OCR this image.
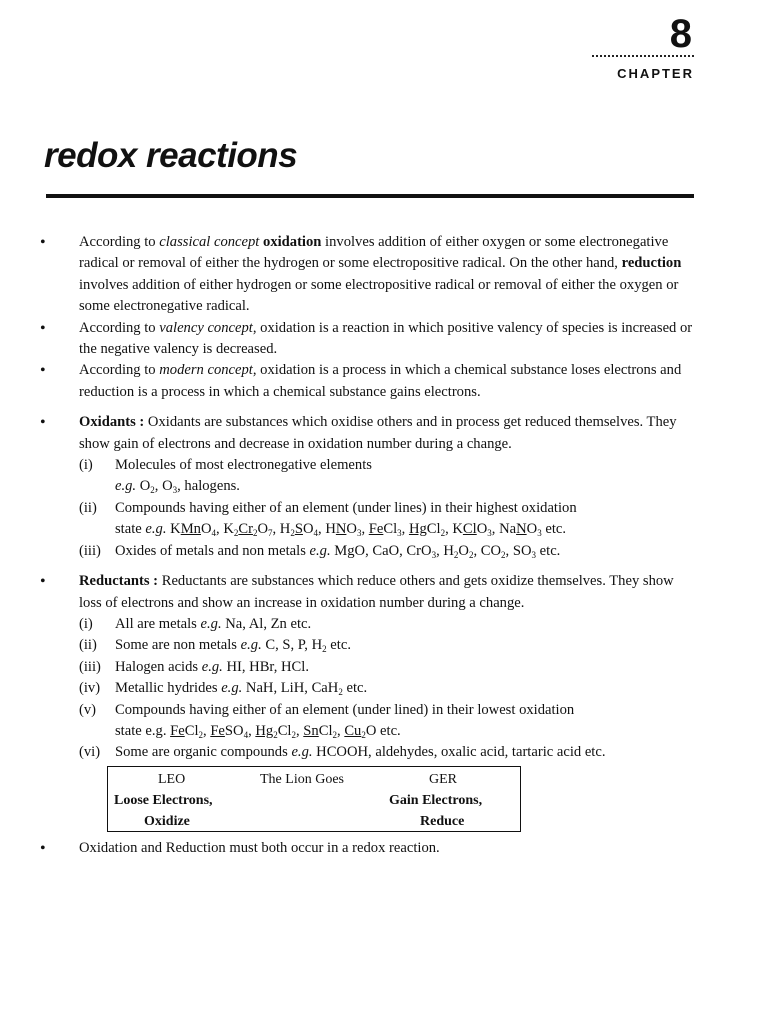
8
CHAPTER
redox reactions
• According to classical concept oxidation involves addition of either oxygen or some electronegative radical or removal of either the hydrogen or some electropositive radical. On the other hand, reduction involves addition of either hydrogen or some electropositive radical or removal of either the oxygen or some electronegative radical.
• According to valency concept, oxidation is a reaction in which positive valency of species is increased or the negative valency is decreased.
• According to modern concept, oxidation is a process in which a chemical substance loses electrons and reduction is a process in which a chemical substance gains electrons.
• Oxidants : Oxidants are substances which oxidise others and in process get reduced themselves. They show gain of electrons and decrease in oxidation number during a change.
(i) Molecules of most electronegative elements
e.g. $O_2$, $O_3$, halogens.
(ii) Compounds having either of an element (under lines) in their highest oxidation
state e.g. KMnO$_4$, $K_2Cr_2O_7$, $H_2SO_4$, $HNO_3$, FeCl$_3$, HgCl$_2$, KClO$_3$, NaNO$_3$ etc.
(iii) Oxides of metals and non metals e.g. MgO, CaO, CrO$_3$, $H_2O_2$, $CO_2$, $SO_3$ etc.
• Reductants : Reductants are substances which reduce others and gets oxidize themselves. They show loss of electrons and show an increase in oxidation number during a change.
(i) All are metals e.g. Na, Al, Zn etc.
(ii) Some are non metals e.g. C, S, P, $H_2$ etc.
(iii) Halogen acids e.g. HI, HBr, HCl.
(iv) Metallic hydrides e.g. NaH, LiH, CaH$_2$ etc.
(v) Compounds having either of an element (under lined) in their lowest oxidation
state e.g. FeCl$_2$, FeSO$_4$, $Hg_2Cl_2$, SnCl$_2$, $Cu_2O$ etc.
(vi) Some are organic compounds e.g. HCOOH, aldehydes, oxalic acid, tartaric acid etc.
LEO	The Lion Goes	GER
Loose Electrons,
Oxidize
Gain Electrons,
Reduce
• Oxidation and Reduction must both occur in a redox reaction.
